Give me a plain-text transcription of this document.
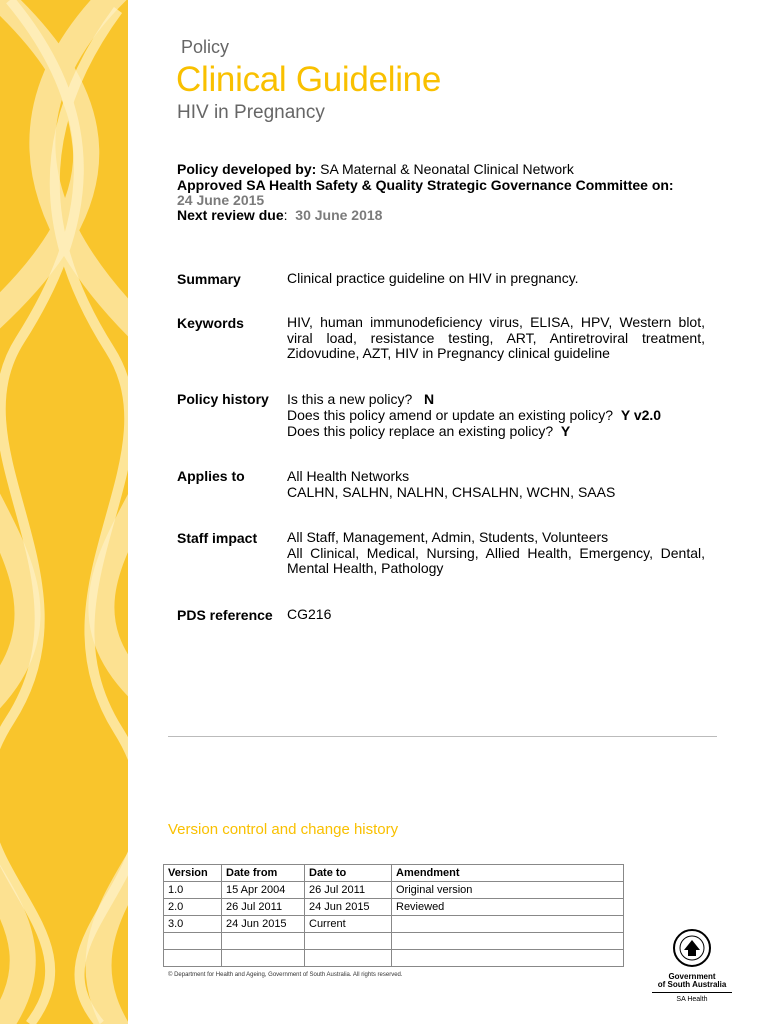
Policy
Clinical Guideline
HIV in Pregnancy
Policy developed by: SA Maternal & Neonatal Clinical Network
Approved SA Health Safety & Quality Strategic Governance Committee on:
24 June 2015
Next review due: 30 June 2018
Summary	Clinical practice guideline on HIV in pregnancy.
Keywords	HIV, human immunodeficiency virus, ELISA, HPV, Western blot, viral load, resistance testing, ART, Antiretroviral treatment, Zidovudine, AZT, HIV in Pregnancy clinical guideline
Policy history Is this a new policy? N
Does this policy amend or update an existing policy? Y v2.0
Does this policy replace an existing policy? Y
Applies to	All Health Networks
CALHN, SALHN, NALHN, CHSALHN, WCHN, SAAS
Staff impact All Staff, Management, Admin, Students, Volunteers
All Clinical, Medical, Nursing, Allied Health, Emergency, Dental, Mental Health, Pathology
PDS reference CG216
Version control and change history
Version	Date from	Date to	Amendment
1.0	15 Apr 2004	26 Jul 2011	Original version
2.0	26 Jul 2011	24 Jun 2015	Reviewed
3.0	24 Jun 2015	Current	

© Department for Health and Ageing, Government of South Australia. All rights reserved.	Government
of South Australia
SA Health
